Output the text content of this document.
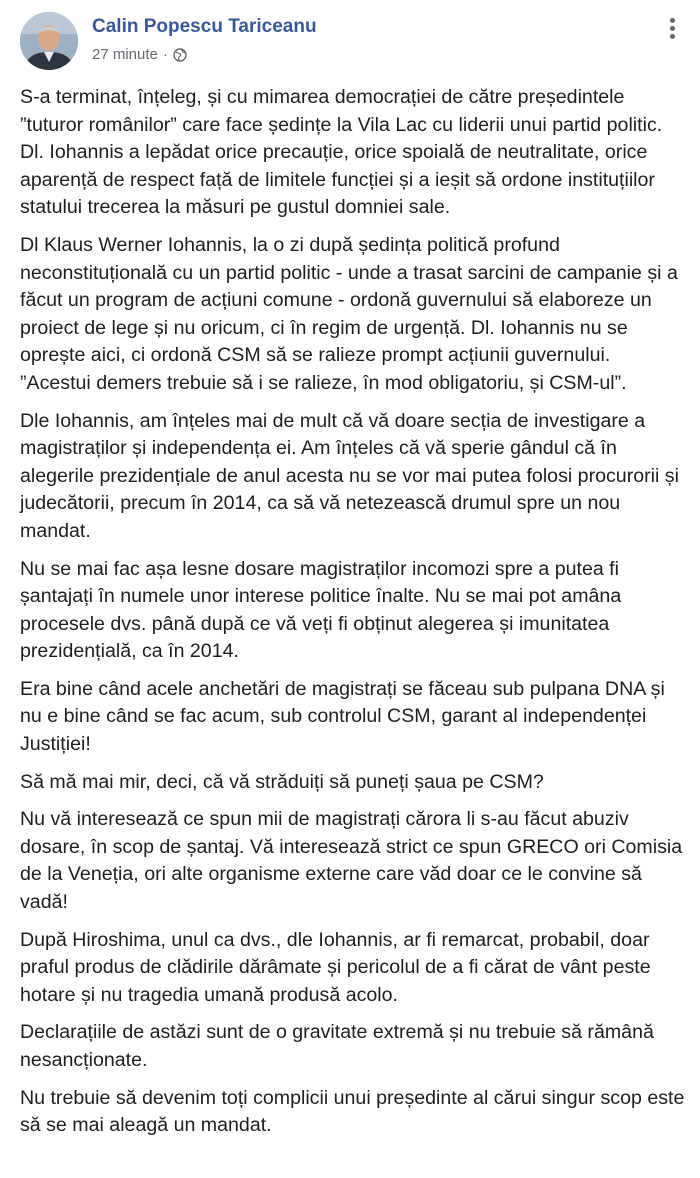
Calin Popescu Tariceanu
27 minute ·

S-a terminat, înțeleg, și cu mimarea democrației de către președintele ”tuturor românilor” care face ședințe la Vila Lac cu liderii unui partid politic. Dl. Iohannis a lepădat orice precauție, orice spoială de neutralitate, orice aparență de respect față de limitele funcției și a ieșit să ordone instituțiilor statului trecerea la măsuri pe gustul domniei sale.

Dl Klaus Werner Iohannis, la o zi după ședința politică profund neconstituțională cu un partid politic - unde a trasat sarcini de campanie și a făcut un program de acțiuni comune - ordonă guvernului să elaboreze un proiect de lege și nu oricum, ci în regim de urgență. Dl. Iohannis nu se oprește aici, ci ordonă CSM să se ralieze prompt acțiunii guvernului. ”Acestui demers trebuie să i se ralieze, în mod obligatoriu, și CSM-ul”.

Dle Iohannis, am înțeles mai de mult că vă doare secția de investigare a magistraților și independența ei. Am înțeles că vă sperie gândul că în alegerile prezidențiale de anul acesta nu se vor mai putea folosi procurorii și judecătorii, precum în 2014, ca să vă netezească drumul spre un nou mandat.

Nu se mai fac așa lesne dosare magistraților incomozi spre a putea fi șantajați în numele unor interese politice înalte. Nu se mai pot amâna procesele dvs. până după ce vă veți fi obținut alegerea și imunitatea prezidențială, ca în 2014.

Era bine când acele anchetări de magistrați se făceau sub pulpana DNA și nu e bine când se fac acum, sub controlul CSM, garant al independenței Justiției!

Să mă mai mir, deci, că vă străduiți să puneți șaua pe CSM?

Nu vă interesează ce spun mii de magistrați cărora li s-au făcut abuziv dosare, în scop de șantaj. Vă interesează strict ce spun GRECO ori Comisia de la Veneția, ori alte organisme externe care văd doar ce le convine să vadă!

După Hiroshima, unul ca dvs., dle Iohannis, ar fi remarcat, probabil, doar praful produs de clădirile dărâmate și pericolul de a fi cărat de vânt peste hotare și nu tragedia umană produsă acolo.

Declarațiile de astăzi sunt de o gravitate extremă și nu trebuie să rămână nesancționate.

Nu trebuie să devenim toți complicii unui președinte al cărui singur scop este să se mai aleagă un mandat.
